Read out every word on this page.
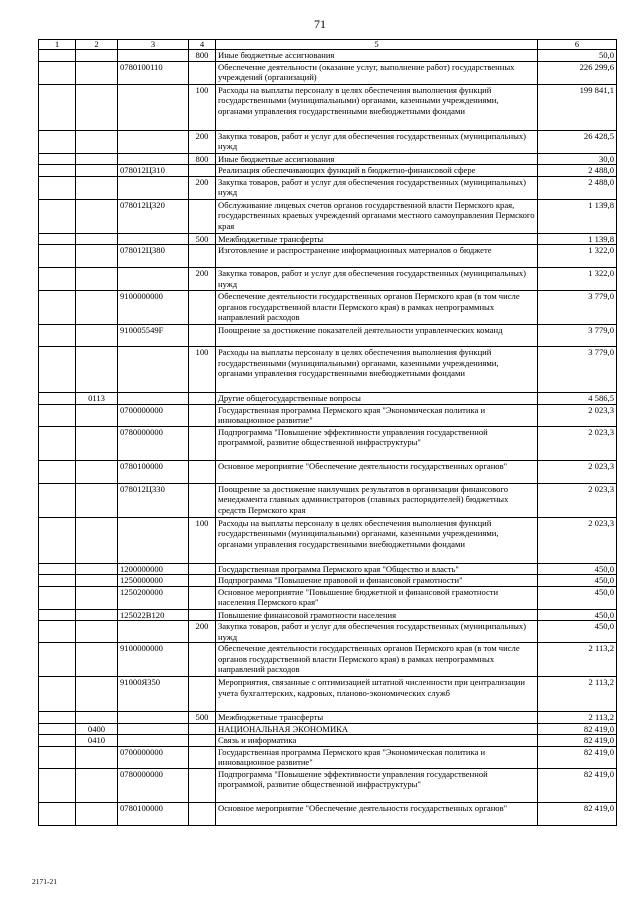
71
1	2	3	4	5	6
			800	Иные бюджетные ассигнования	50,0
		0780100110		Обеспечение деятельности (оказание услуг, выполнение работ) государственных учреждений (организаций)	226 299,6
			100	Расходы на выплаты персоналу в целях обеспечения выполнения функций государственными (муниципальными) органами, казенными учреждениями, органами управления государственными внебюджетными фондами	199 841,1
			200	Закупка товаров, работ и услуг для обеспечения государственных (муниципальных) нужд	26 428,5
			800	Иные бюджетные ассигнования	30,0
		078012Ц310		Реализация обеспечивающих функций в бюджетно-финансовой сфере	2 488,0
			200	Закупка товаров, работ и услуг для обеспечения государственных (муниципальных) нужд	2 488,0
		078012Ц320		Обслуживание лицевых счетов органов государственной власти Пермского края, государственных краевых учреждений органами местного самоуправления Пермского края	1 139,8
			500	Межбюджетные трансферты	1 139,8
		078012Ц380		Изготовление и распространение информационных материалов о бюджете	1 322,0
			200	Закупка товаров, работ и услуг для обеспечения государственных (муниципальных) нужд	1 322,0
		9100000000		Обеспечение деятельности государственных органов Пермского края (в том числе органов государственной власти Пермского края) в рамках непрограммных направлений расходов	3 779,0
		910005549F		Поощрение за достижение показателей деятельности управленческих команд	3 779,0
			100	Расходы на выплаты персоналу в целях обеспечения выполнения функций государственными (муниципальными) органами, казенными учреждениями, органами управления государственными внебюджетными фондами	3 779,0
	0113			Другие общегосударственные вопросы	4 586,5
		0700000000		Государственная программа Пермского края "Экономическая политика и инновационное развитие"	2 023,3
		0780000000		Подпрограмма "Повышение эффективности управления государственной программой, развитие общественной инфраструктуры"	2 023,3
		0780100000		Основное мероприятие "Обеспечение деятельности государственных органов"	2 023,3
		078012Ц330		Поощрение за достижение наилучших результатов в организации финансового менеджмента главных администраторов (главных распорядителей) бюджетных средств Пермского края	2 023,3
			100	Расходы на выплаты персоналу в целях обеспечения выполнения функций государственными (муниципальными) органами, казенными учреждениями, органами управления государственными внебюджетными фондами	2 023,3
		1200000000		Государственная программа Пермского края "Общество и власть"	450,0
		1250000000		Подпрограмма "Повышение правовой и финансовой грамотности"	450,0
		1250200000		Основное мероприятие "Повышение бюджетной и финансовой грамотности населения Пермского края"	450,0
		125022В120		Повышение финансовой грамотности населения	450,0
			200	Закупка товаров, работ и услуг для обеспечения государственных (муниципальных) нужд	450,0
		9100000000		Обеспечение деятельности государственных органов Пермского края (в том числе органов государственной власти Пермского края) в рамках непрограммных направлений расходов	2 113,2
		91000Я350		Мероприятия, связанные с оптимизацией штатной численности при централизации учета бухгалтерских, кадровых, планово-экономических служб	2 113,2
			500	Межбюджетные трансферты	2 113,2
	0400			НАЦИОНАЛЬНАЯ ЭКОНОМИКА	82 419,0
	0410			Связь и информатика	82 419,0
		0700000000		Государственная программа Пермского края "Экономическая политика и инновационное развитие"	82 419,0
		0780000000		Подпрограмма "Повышение эффективности управления государственной программой, развитие общественной инфраструктуры"	82 419,0
		0780100000		Основное мероприятие "Обеспечение деятельности государственных органов"	82 419,0
2171-21
